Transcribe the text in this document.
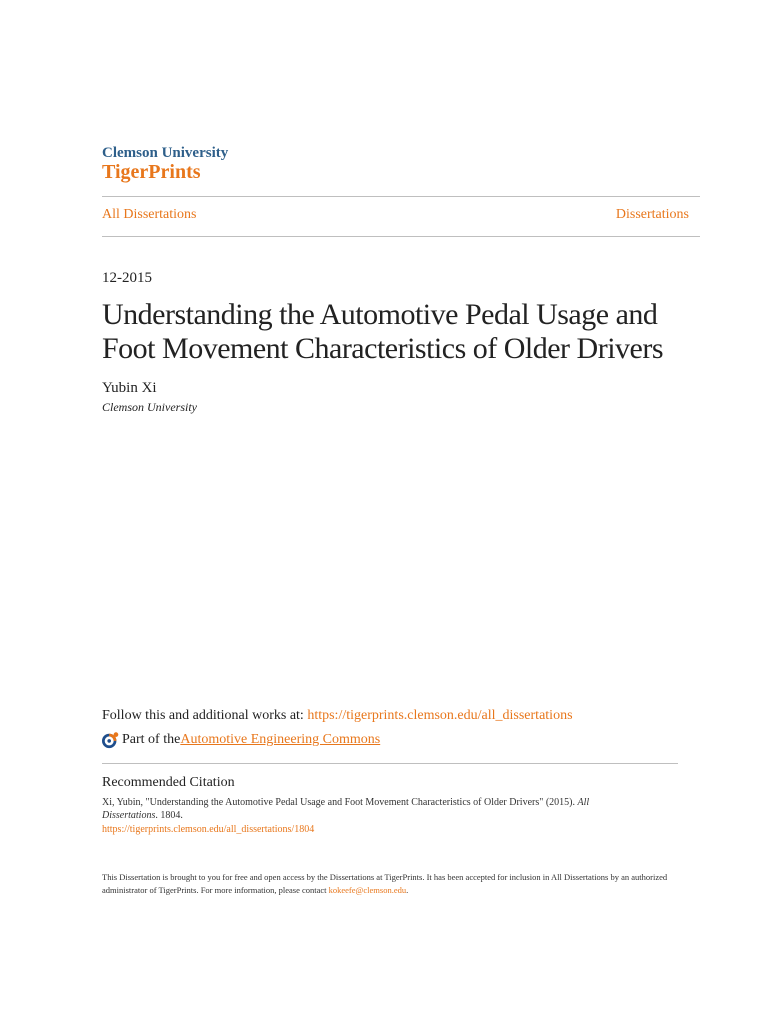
Clemson University
TigerPrints
All Dissertations	Dissertations
12-2015
Understanding the Automotive Pedal Usage and Foot Movement Characteristics of Older Drivers
Yubin Xi
Clemson University
Follow this and additional works at: https://tigerprints.clemson.edu/all_dissertations
Part of the Automotive Engineering Commons
Recommended Citation
Xi, Yubin, "Understanding the Automotive Pedal Usage and Foot Movement Characteristics of Older Drivers" (2015). All Dissertations. 1804.
https://tigerprints.clemson.edu/all_dissertations/1804
This Dissertation is brought to you for free and open access by the Dissertations at TigerPrints. It has been accepted for inclusion in All Dissertations by an authorized administrator of TigerPrints. For more information, please contact kokeefe@clemson.edu.
